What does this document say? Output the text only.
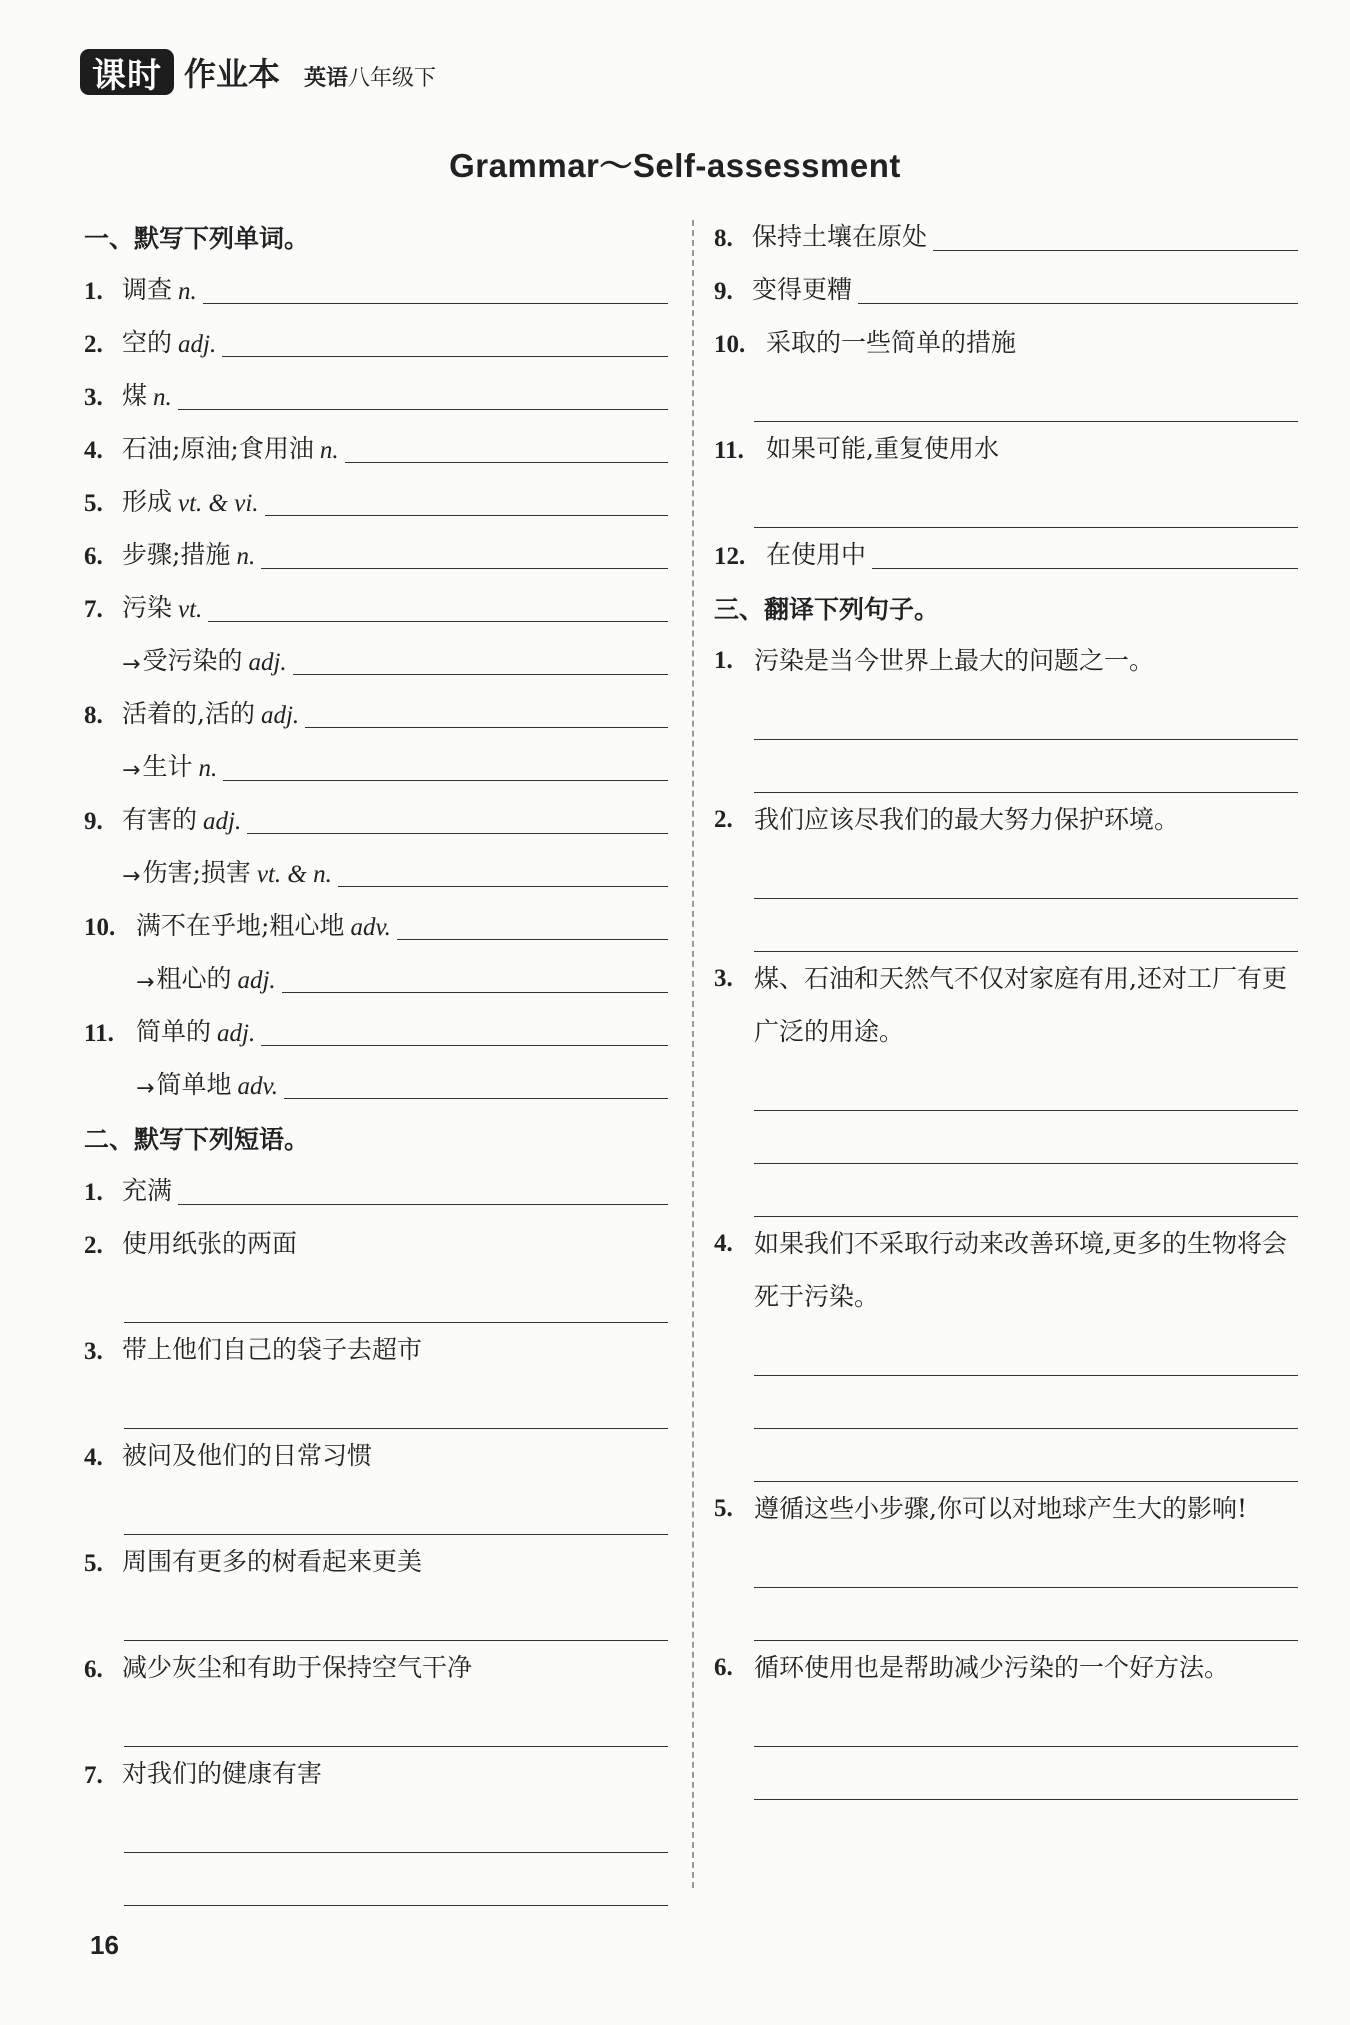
课时 作业本 英语八年级下
Grammar～Self-assessment
一、默写下列单词。
1. 调查 n.
2. 空的 adj.
3. 煤 n.
4. 石油;原油;食用油 n.
5. 形成 vt. & vi.
6. 步骤;措施 n.
7. 污染 vt.
→ 受污染的 adj.
8. 活着的,活的 adj.
→ 生计 n.
9. 有害的 adj.
→ 伤害;损害 vt. & n.
10. 满不在乎地;粗心地 adv.
→ 粗心的 adj.
11. 简单的 adj.
→ 简单地 adv.
二、默写下列短语。
1. 充满
2. 使用纸张的两面
3. 带上他们自己的袋子去超市
4. 被问及他们的日常习惯
5. 周围有更多的树看起来更美
6. 减少灰尘和有助于保持空气干净
7. 对我们的健康有害
8. 保持土壤在原处
9. 变得更糟
10. 采取的一些简单的措施
11. 如果可能,重复使用水
12. 在使用中
三、翻译下列句子。
1. 污染是当今世界上最大的问题之一。
2. 我们应该尽我们的最大努力保护环境。
3. 煤、石油和天然气不仅对家庭有用,还对工厂有更广泛的用途。
4. 如果我们不采取行动来改善环境,更多的生物将会死于污染。
5. 遵循这些小步骤,你可以对地球产生大的影响!
6. 循环使用也是帮助减少污染的一个好方法。
16
